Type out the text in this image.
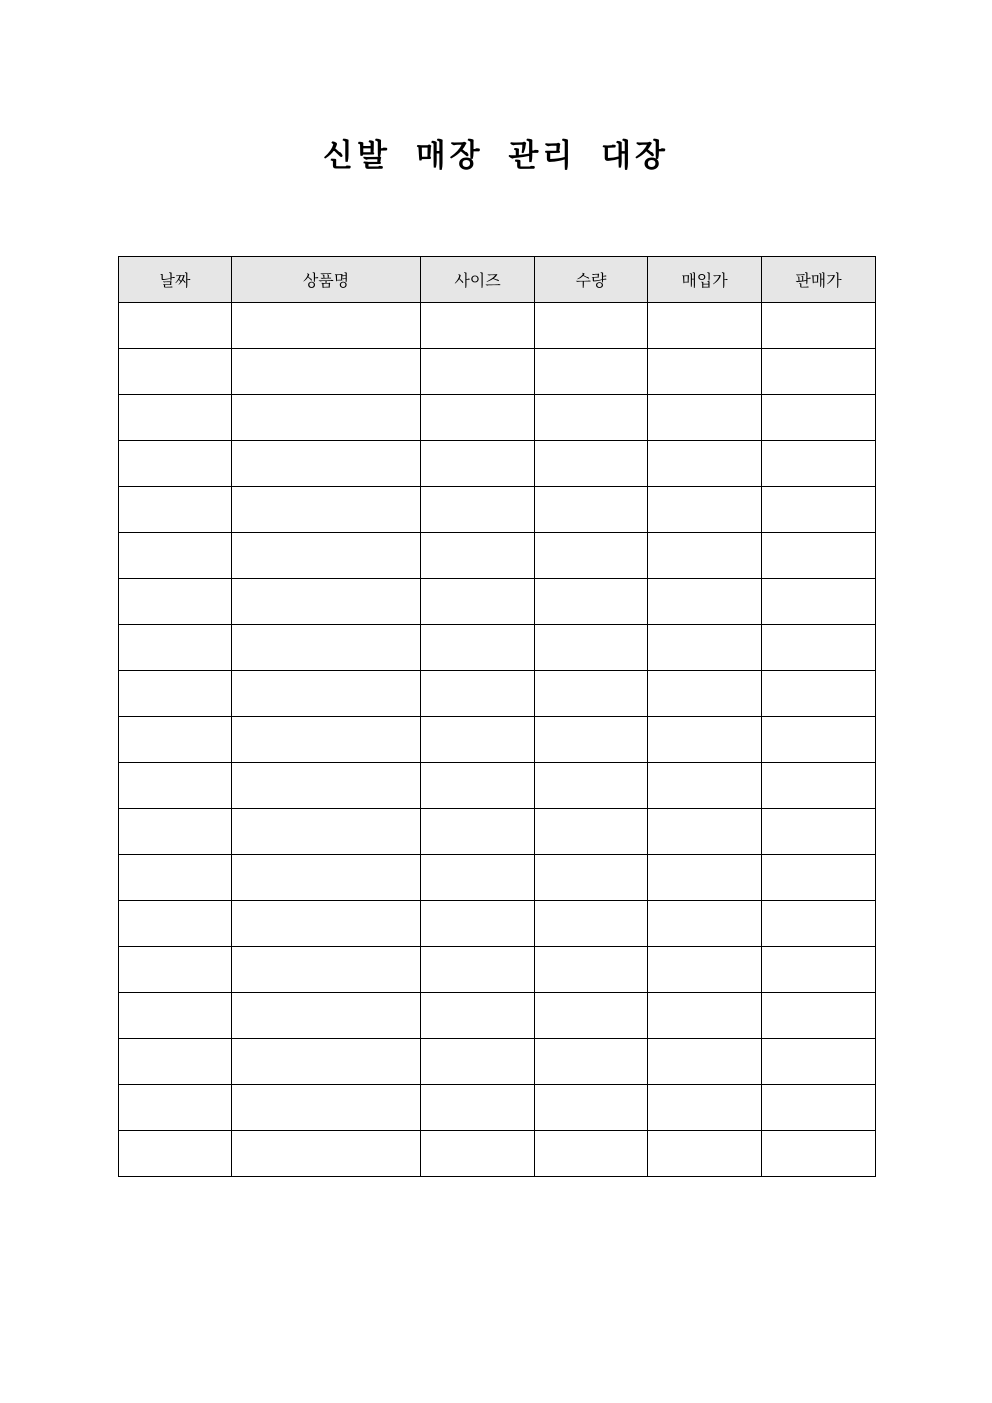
신발 매장 관리 대장
날짜	상품명	사이즈	수량	매입가	판매가
